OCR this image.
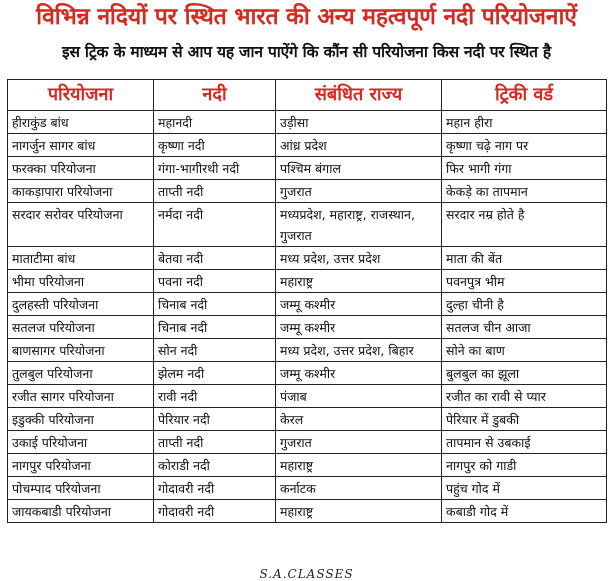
विभिन्न नदियों पर स्थित भारत की अन्य महत्वपूर्ण नदी परियोजनाऐं
इस ट्रिक के माध्यम से आप यह जान पाऐंगे कि कौंन सी परियोजना किस नदी पर स्थित है
परियोजना	नदी	संबंधित राज्य	ट्रिकी वर्ड
हीराकुंड बांध	महानदी	उड़ीसा	महान हीरा
नागर्जुन सागर बांध	कृष्णा नदी	आंध्र प्रदेश	कृष्णा चढ़े नाग पर
फरक्का परियोजना	गंगा-भागीरथी नदी	पश्चिम बंगाल	फिर भागी गंगा
काकड़ापारा परियोजना	ताप्ती नदी	गुजरात	केकड़े का तापमान
सरदार सरोवर परियोजना	नर्मदा नदी	मध्यप्रदेश, महाराष्ट्र, राजस्थान, गुजरात	सरदार नम्र होते है
माताटीमा बांध	बेतवा नदी	मध्य प्रदेश, उत्तर प्रदेश	माता की बेंत
भीमा परियोजना	पवना नदी	महाराष्ट्र	पवनपुत्र भीम
दुलहस्ती परियोजना	चिनाब नदी	जम्मू कश्मीर	दुल्हा चीनी है
सतलज परियोजना	चिनाब नदी	जम्मू कश्मीर	सतलज चीन आजा
बाणसागर परियोजना	सोन नदी	मध्य प्रदेश, उत्तर प्रदेश, बिहार	सोने का बाण
तुलबुल परियोजना	झेलम नदी	जम्मू कश्मीर	बुलबुल का झूला
रजीत सागर परियोजना	रावी नदी	पंजाब	रजीत का रावी से प्यार
इडुक्की परियोजना	पेरियार नदी	केरल	पेरियार में डुबकी
उकाई परियोजना	ताप्ती नदी	गुजरात	तापमान से उबकाई
नागपुर परियोजना	कोराडी नदी	महाराष्ट्र	नागपुर को गाडी
पोचम्पाद परियोजना	गोदावरी नदी	कर्नाटक	पहुंच गोद में
जायकबाडी परियोजना	गोदावरी नदी	महाराष्ट्र	कबाडी गोद में
S.A.CLASSES
